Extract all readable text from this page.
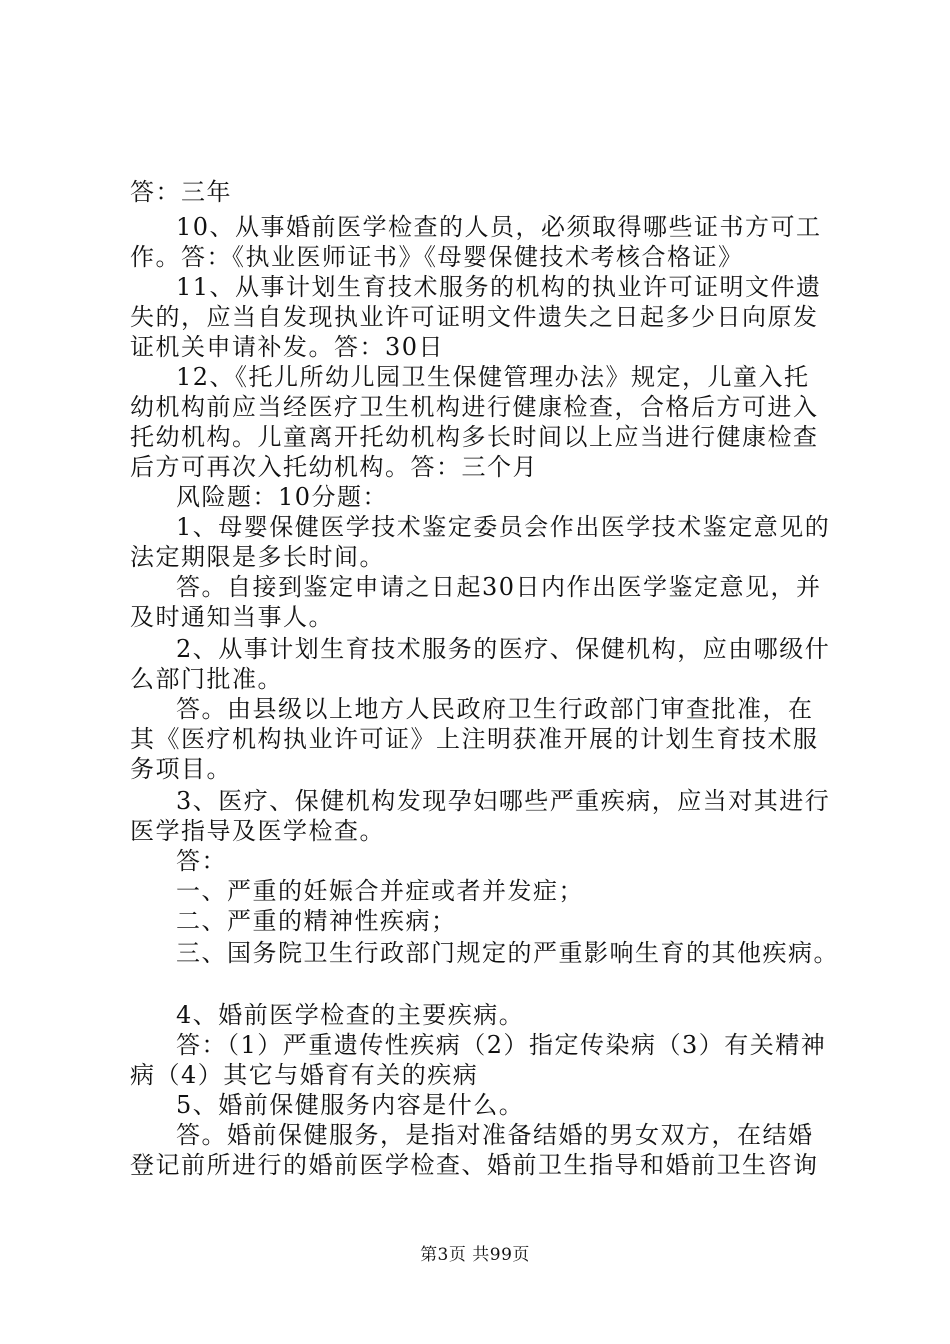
答：三年
10、从事婚前医学检查的人员，必须取得哪些证书方可工
作。答：《执业医师证书》《母婴保健技术考核合格证》
11、从事计划生育技术服务的机构的执业许可证明文件遗
失的，应当自发现执业许可证明文件遗失之日起多少日向原发
证机关申请补发。答：30日
12、《托儿所幼儿园卫生保健管理办法》规定，儿童入托
幼机构前应当经医疗卫生机构进行健康检查，合格后方可进入
托幼机构。儿童离开托幼机构多长时间以上应当进行健康检查
后方可再次入托幼机构。答：三个月
风险题：10分题：
1、母婴保健医学技术鉴定委员会作出医学技术鉴定意见的
法定期限是多长时间。
答。自接到鉴定申请之日起30日内作出医学鉴定意见，并
及时通知当事人。
2、从事计划生育技术服务的医疗、保健机构，应由哪级什
么部门批准。
答。由县级以上地方人民政府卫生行政部门审查批准，在
其《医疗机构执业许可证》上注明获准开展的计划生育技术服
务项目。
3、医疗、保健机构发现孕妇哪些严重疾病，应当对其进行
医学指导及医学检查。
答：
一、严重的妊娠合并症或者并发症；
二、严重的精神性疾病；
三、国务院卫生行政部门规定的严重影响生育的其他疾病。
4、婚前医学检查的主要疾病。
答：（1）严重遗传性疾病（2）指定传染病（3）有关精神
病（4）其它与婚育有关的疾病
5、婚前保健服务内容是什么。
答。婚前保健服务，是指对准备结婚的男女双方，在结婚
登记前所进行的婚前医学检查、婚前卫生指导和婚前卫生咨询
第3页 共99页
